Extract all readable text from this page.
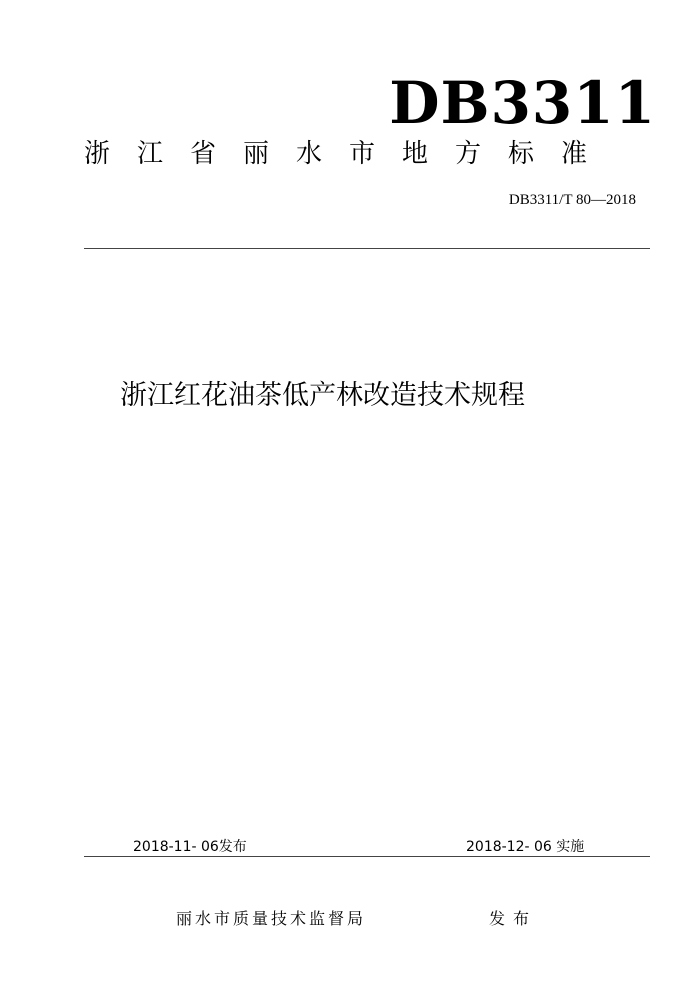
DB3311
浙江省丽水市地方标准
DB3311/T 80—2018
浙江红花油茶低产林改造技术规程
2018-11- 06发布	2018-12- 06 实施
丽水市质量技术监督局	发布
